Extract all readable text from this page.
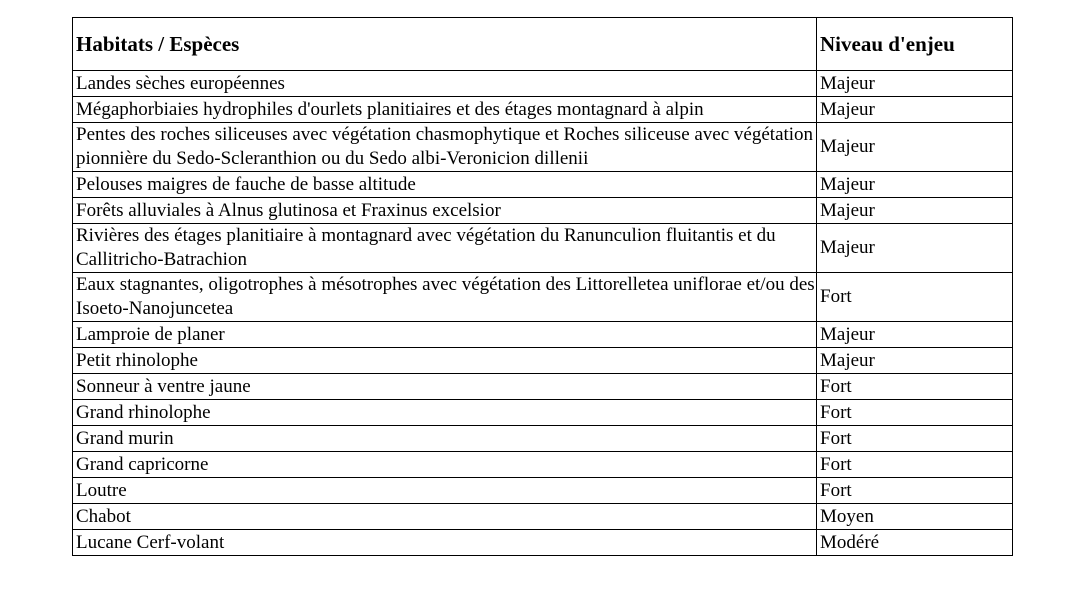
Habitats / Espèces	Niveau d'enjeu
Landes sèches européennes	Majeur
Mégaphorbiaies hydrophiles d'ourlets planitiaires et des étages montagnard à alpin	Majeur
Pentes des roches siliceuses avec végétation chasmophytique et Roches siliceuse avec végétation pionnière du Sedo-Scleranthion ou du Sedo albi-Veronicion dillenii	Majeur
Pelouses maigres de fauche de basse altitude	Majeur
Forêts alluviales à Alnus glutinosa et Fraxinus excelsior	Majeur
Rivières des étages planitiaire à montagnard avec végétation du Ranunculion fluitantis et du Callitricho-Batrachion	Majeur
Eaux stagnantes, oligotrophes à mésotrophes avec végétation des Littorelletea uniflorae et/ou des Isoeto-Nanojuncetea	Fort
Lamproie de planer	Majeur
Petit rhinolophe	Majeur
Sonneur à ventre jaune	Fort
Grand rhinolophe	Fort
Grand murin	Fort
Grand capricorne	Fort
Loutre	Fort
Chabot	Moyen
Lucane Cerf-volant	Modéré
